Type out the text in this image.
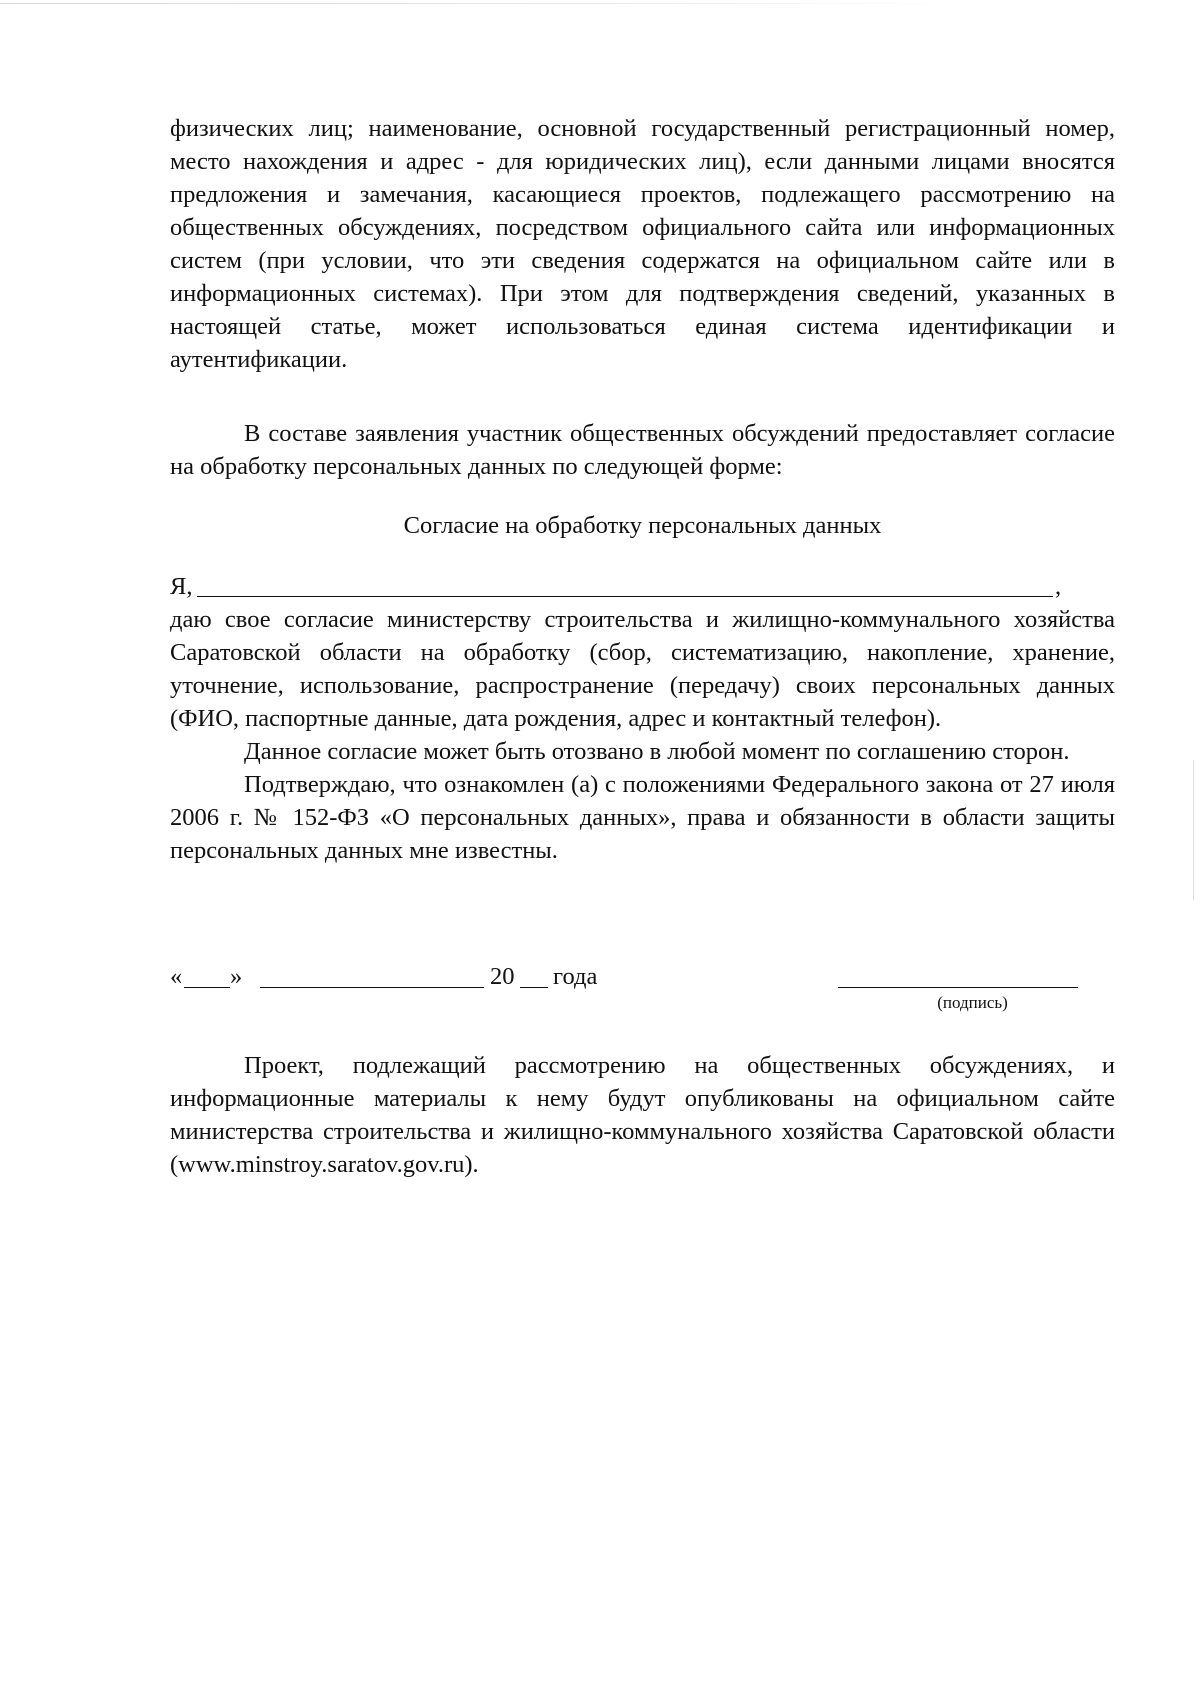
физических лиц; наименование, основной государственный регистрационный номер, место нахождения и адрес - для юридических лиц), если данными лицами вносятся предложения и замечания, касающиеся проектов, подлежащего рассмотрению на общественных обсуждениях, посредством официального сайта или информационных систем (при условии, что эти сведения содержатся на официальном сайте или в информационных системах). При этом для подтверждения сведений, указанных в настоящей статье, может использоваться единая система идентификации и аутентификации.

В составе заявления участник общественных обсуждений предоставляет согласие на обработку персональных данных по следующей форме:

Согласие на обработку персональных данных
Я,	,

даю свое согласие министерству строительства и жилищно-коммунального хозяйства Саратовской области на обработку (сбор, систематизацию, накопление, хранение, уточнение, использование, распространение (передачу) своих персональных данных (ФИО, паспортные данные, дата рождения, адрес и контактный телефон).

Данное согласие может быть отозвано в любой момент по соглашению сторон.

Подтверждаю, что ознакомлен (а) с положениями Федерального закона от 27 июля 2006 г. № 152-ФЗ «О персональных данных», права и обязанности в области защиты персональных данных мне известны.

« »	20 года
(подпись)

Проект, подлежащий рассмотрению на общественных обсуждениях, и информационные материалы к нему будут опубликованы на официальном сайте министерства строительства и жилищно-коммунального хозяйства Саратовской области (www.minstroy.saratov.gov.ru).
